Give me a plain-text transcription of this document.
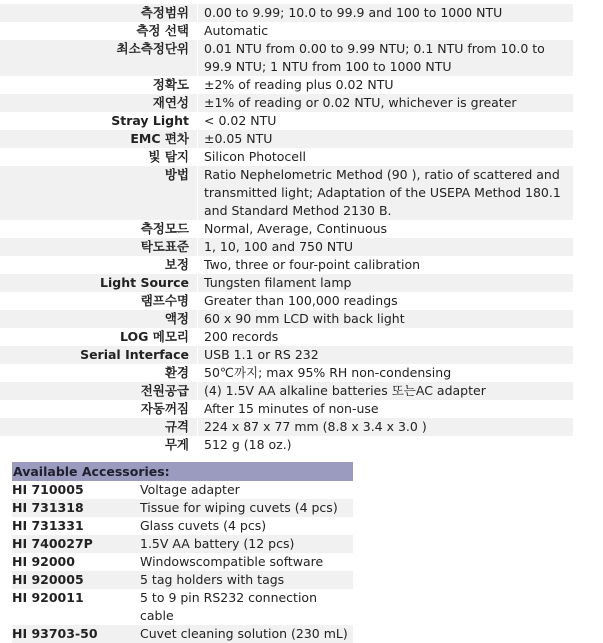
측정범위	0.00 to 9.99; 10.0 to 99.9 and 100 to 1000 NTU
측정 선택	Automatic
최소측정단위	0.01 NTU from 0.00 to 9.99 NTU; 0.1 NTU from 10.0 to 99.9 NTU; 1 NTU from 100 to 1000 NTU
정확도	±2% of reading plus 0.02 NTU
재연성	±1% of reading or 0.02 NTU, whichever is greater
Stray Light	< 0.02 NTU
EMC 편차	±0.05 NTU
빛 탐지	Silicon Photocell
방법	Ratio Nephelometric Method (90 ), ratio of scattered and transmitted light; Adaptation of the USEPA Method 180.1 and Standard Method 2130 B.
측정모드	Normal, Average, Continuous
탁도표준	1, 10, 100 and 750 NTU
보정	Two, three or four-point calibration
Light Source	Tungsten filament lamp
램프수명	Greater than 100,000 readings
액정	60 x 90 mm LCD with back light
LOG 메모리	200 records
Serial Interface	USB 1.1 or RS 232
환경	50℃까지; max 95% RH non-condensing
전원공급	(4) 1.5V AA alkaline batteries 또는AC adapter
자동꺼짐	After 15 minutes of non-use
규격	224 x 87 x 77 mm (8.8 x 3.4 x 3.0 )
무게	512 g (18 oz.)
Available Accessories:
HI 710005	Voltage adapter
HI 731318	Tissue for wiping cuvets (4 pcs)
HI 731331	Glass cuvets (4 pcs)
HI 740027P	1.5V AA battery (12 pcs)
HI 92000	Windowscompatible software
HI 920005	5 tag holders with tags
HI 920011	5 to 9 pin RS232 connection cable
HI 93703-50	Cuvet cleaning solution (230 mL)
